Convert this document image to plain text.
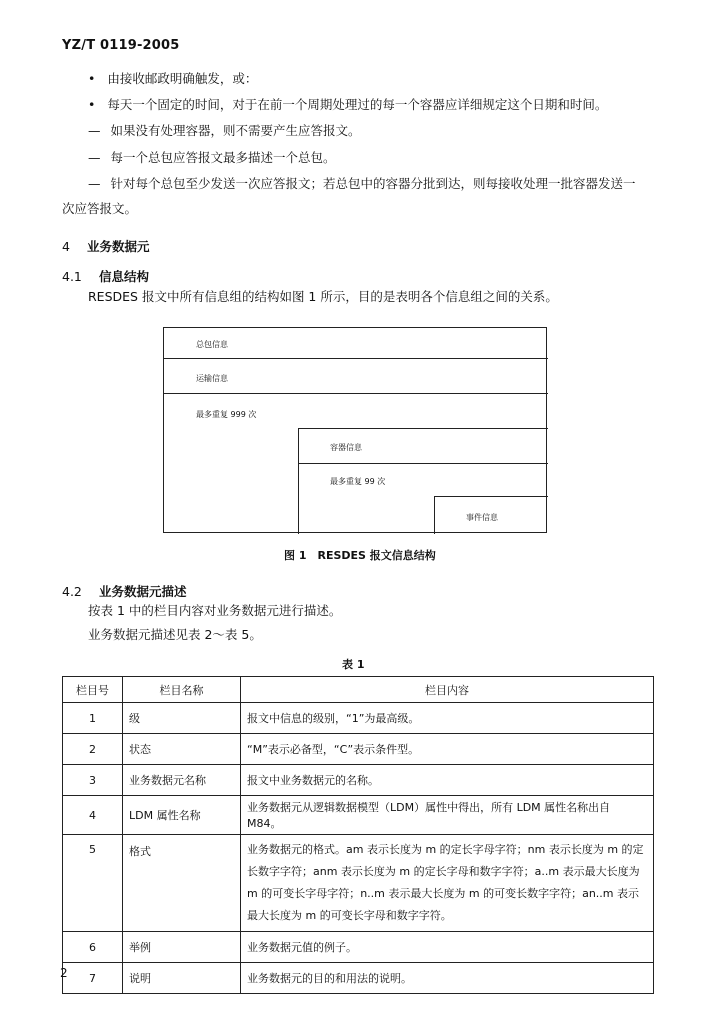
YZ/T 0119-2005
• 由接收邮政明确触发，或：
• 每天一个固定的时间，对于在前一个周期处理过的每一个容器应详细规定这个日期和时间。
— 如果没有处理容器，则不需要产生应答报文。
— 每一个总包应答报文最多描述一个总包。
— 针对每个总包至少发送一次应答报文；若总包中的容器分批到达，则每接收处理一批容器发送一
次应答报文。
4 业务数据元
4.1 信息结构
RESDES 报文中所有信息组的结构如图 1 所示，目的是表明各个信息组之间的关系。
总包信息
运输信息
最多重复 999 次
容器信息
最多重复 99 次
事件信息
图 1　RESDES 报文信息结构
4.2 业务数据元描述
按表 1 中的栏目内容对业务数据元进行描述。
业务数据元描述见表 2～表 5。
表 1
栏目号	栏目名称	栏目内容
1	级	报文中信息的级别，“1”为最高级。
2	状态	“M”表示必备型，“C”表示条件型。
3	业务数据元名称	报文中业务数据元的名称。
4	LDM 属性名称	业务数据元从逻辑数据模型（LDM）属性中得出，所有 LDM 属性名称出自 M84。
5	格式	业务数据元的格式。am 表示长度为 m 的定长字母字符；nm 表示长度为 m 的定长数字字符；anm 表示长度为 m 的定长字母和数字字符；a..m 表示最大长度为 m 的可变长字母字符；n..m 表示最大长度为 m 的可变长数字字符；an..m 表示最大长度为 m 的可变长字母和数字字符。
6	举例	业务数据元值的例子。
7	说明	业务数据元的目的和用法的说明。
2
